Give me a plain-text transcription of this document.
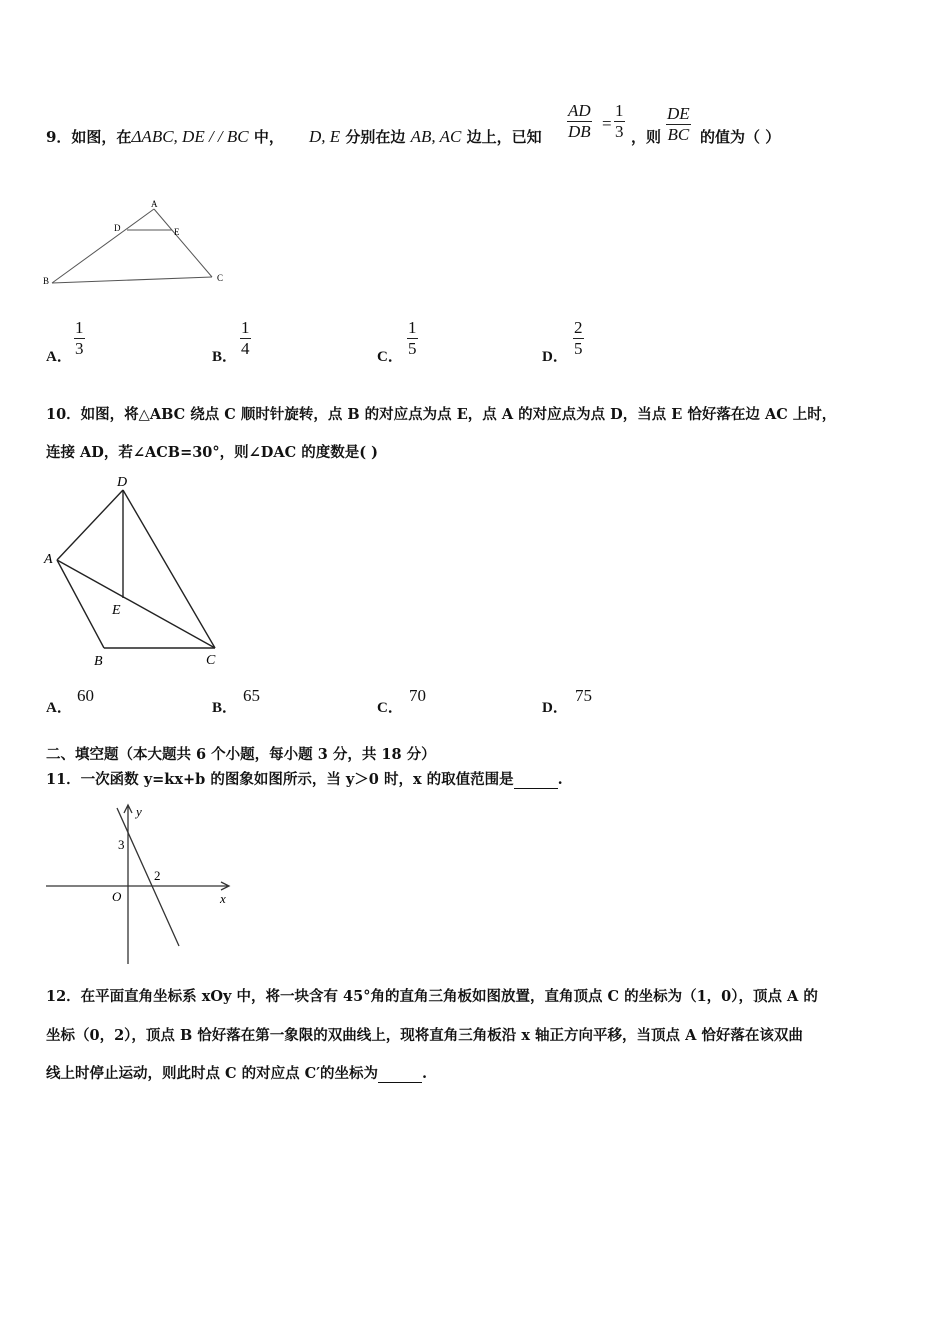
9．如图，在ΔABC, DE / / BC 中， D, E 分别在边 AB, AC 边上，已知
AD
DB =
1
3 ，则
DE
BC 的值为（ ）
A
D	E
B	C
A．
1
3	B．
1
4	C．
1
5	D．
2
5
10．如图，将△ABC 绕点 C 顺时针旋转，点 B 的对应点为点 E，点 A 的对应点为点 D，当点 E 恰好落在边 AC 上时，
连接 AD，若∠ACB=30°，则∠DAC 的度数是( )
D
A
E
B	C
A．
60
B．
65
C．
70
D．
75
二、填空题（本大题共 6 个小题，每小题 3 分，共 18 分）
11．一次函数 y=kx+b 的图象如图所示，当 y＞0 时，x 的取值范围是	.
y
3
2
O	x
12．在平面直角坐标系 xOy 中，将一块含有 45°角的直角三角板如图放置，直角顶点 C 的坐标为（1，0），顶点 A 的
坐标（0，2），顶点 B 恰好落在第一象限的双曲线上，现将直角三角板沿 x 轴正方向平移，当顶点 A 恰好落在该双曲
线上时停止运动，则此时点 C 的对应点 C′的坐标为	.
